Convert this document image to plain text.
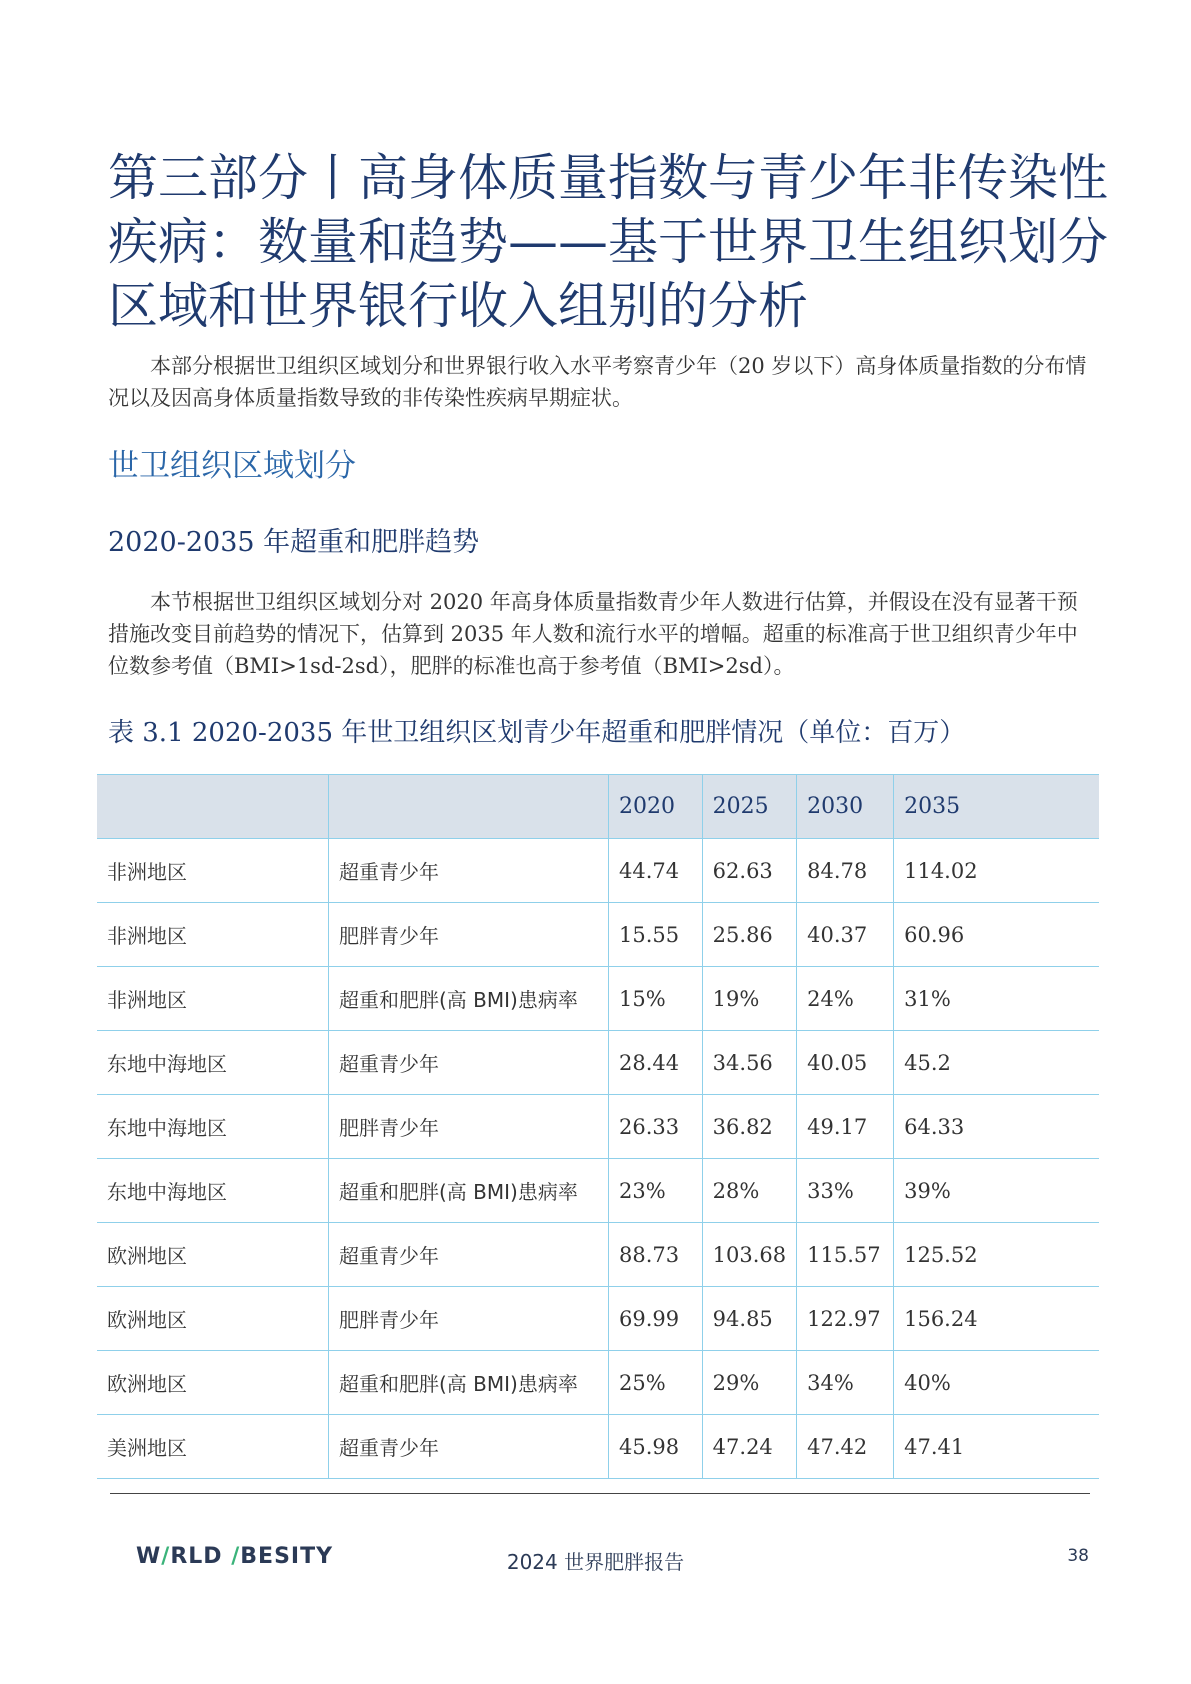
第三部分丨高身体质量指数与青少年非传染性疾病：数量和趋势——基于世界卫生组织划分区域和世界银行收入组别的分析

本部分根据世卫组织区域划分和世界银行收入水平考察青少年（20 岁以下）高身体质量指数的分布情况以及因高身体质量指数导致的非传染性疾病早期症状。

世卫组织区域划分
2020-2035 年超重和肥胖趋势

本节根据世卫组织区域划分对 2020 年高身体质量指数青少年人数进行估算，并假设在没有显著干预措施改变目前趋势的情况下，估算到 2035 年人数和流行水平的增幅。超重的标准高于世卫组织青少年中位数参考值（BMI>1sd-2sd），肥胖的标准也高于参考值（BMI>2sd）。

表 3.1 2020-2035 年世卫组织区划青少年超重和肥胖情况（单位：百万）
		2020	2025	2030	2035
非洲地区	超重青少年	44.74	62.63	84.78	114.02
非洲地区	肥胖青少年	15.55	25.86	40.37	60.96
非洲地区	超重和肥胖(高 BMI)患病率	15%	19%	24%	31%
东地中海地区	超重青少年	28.44	34.56	40.05	45.2
东地中海地区	肥胖青少年	26.33	36.82	49.17	64.33
东地中海地区	超重和肥胖(高 BMI)患病率	23%	28%	33%	39%
欧洲地区	超重青少年	88.73	103.68	115.57	125.52
欧洲地区	肥胖青少年	69.99	94.85	122.97	156.24
欧洲地区	超重和肥胖(高 BMI)患病率	25%	29%	34%	40%
美洲地区	超重青少年	45.98	47.24	47.42	47.41
W/RLD /BESITY	2024 世界肥胖报告	38
